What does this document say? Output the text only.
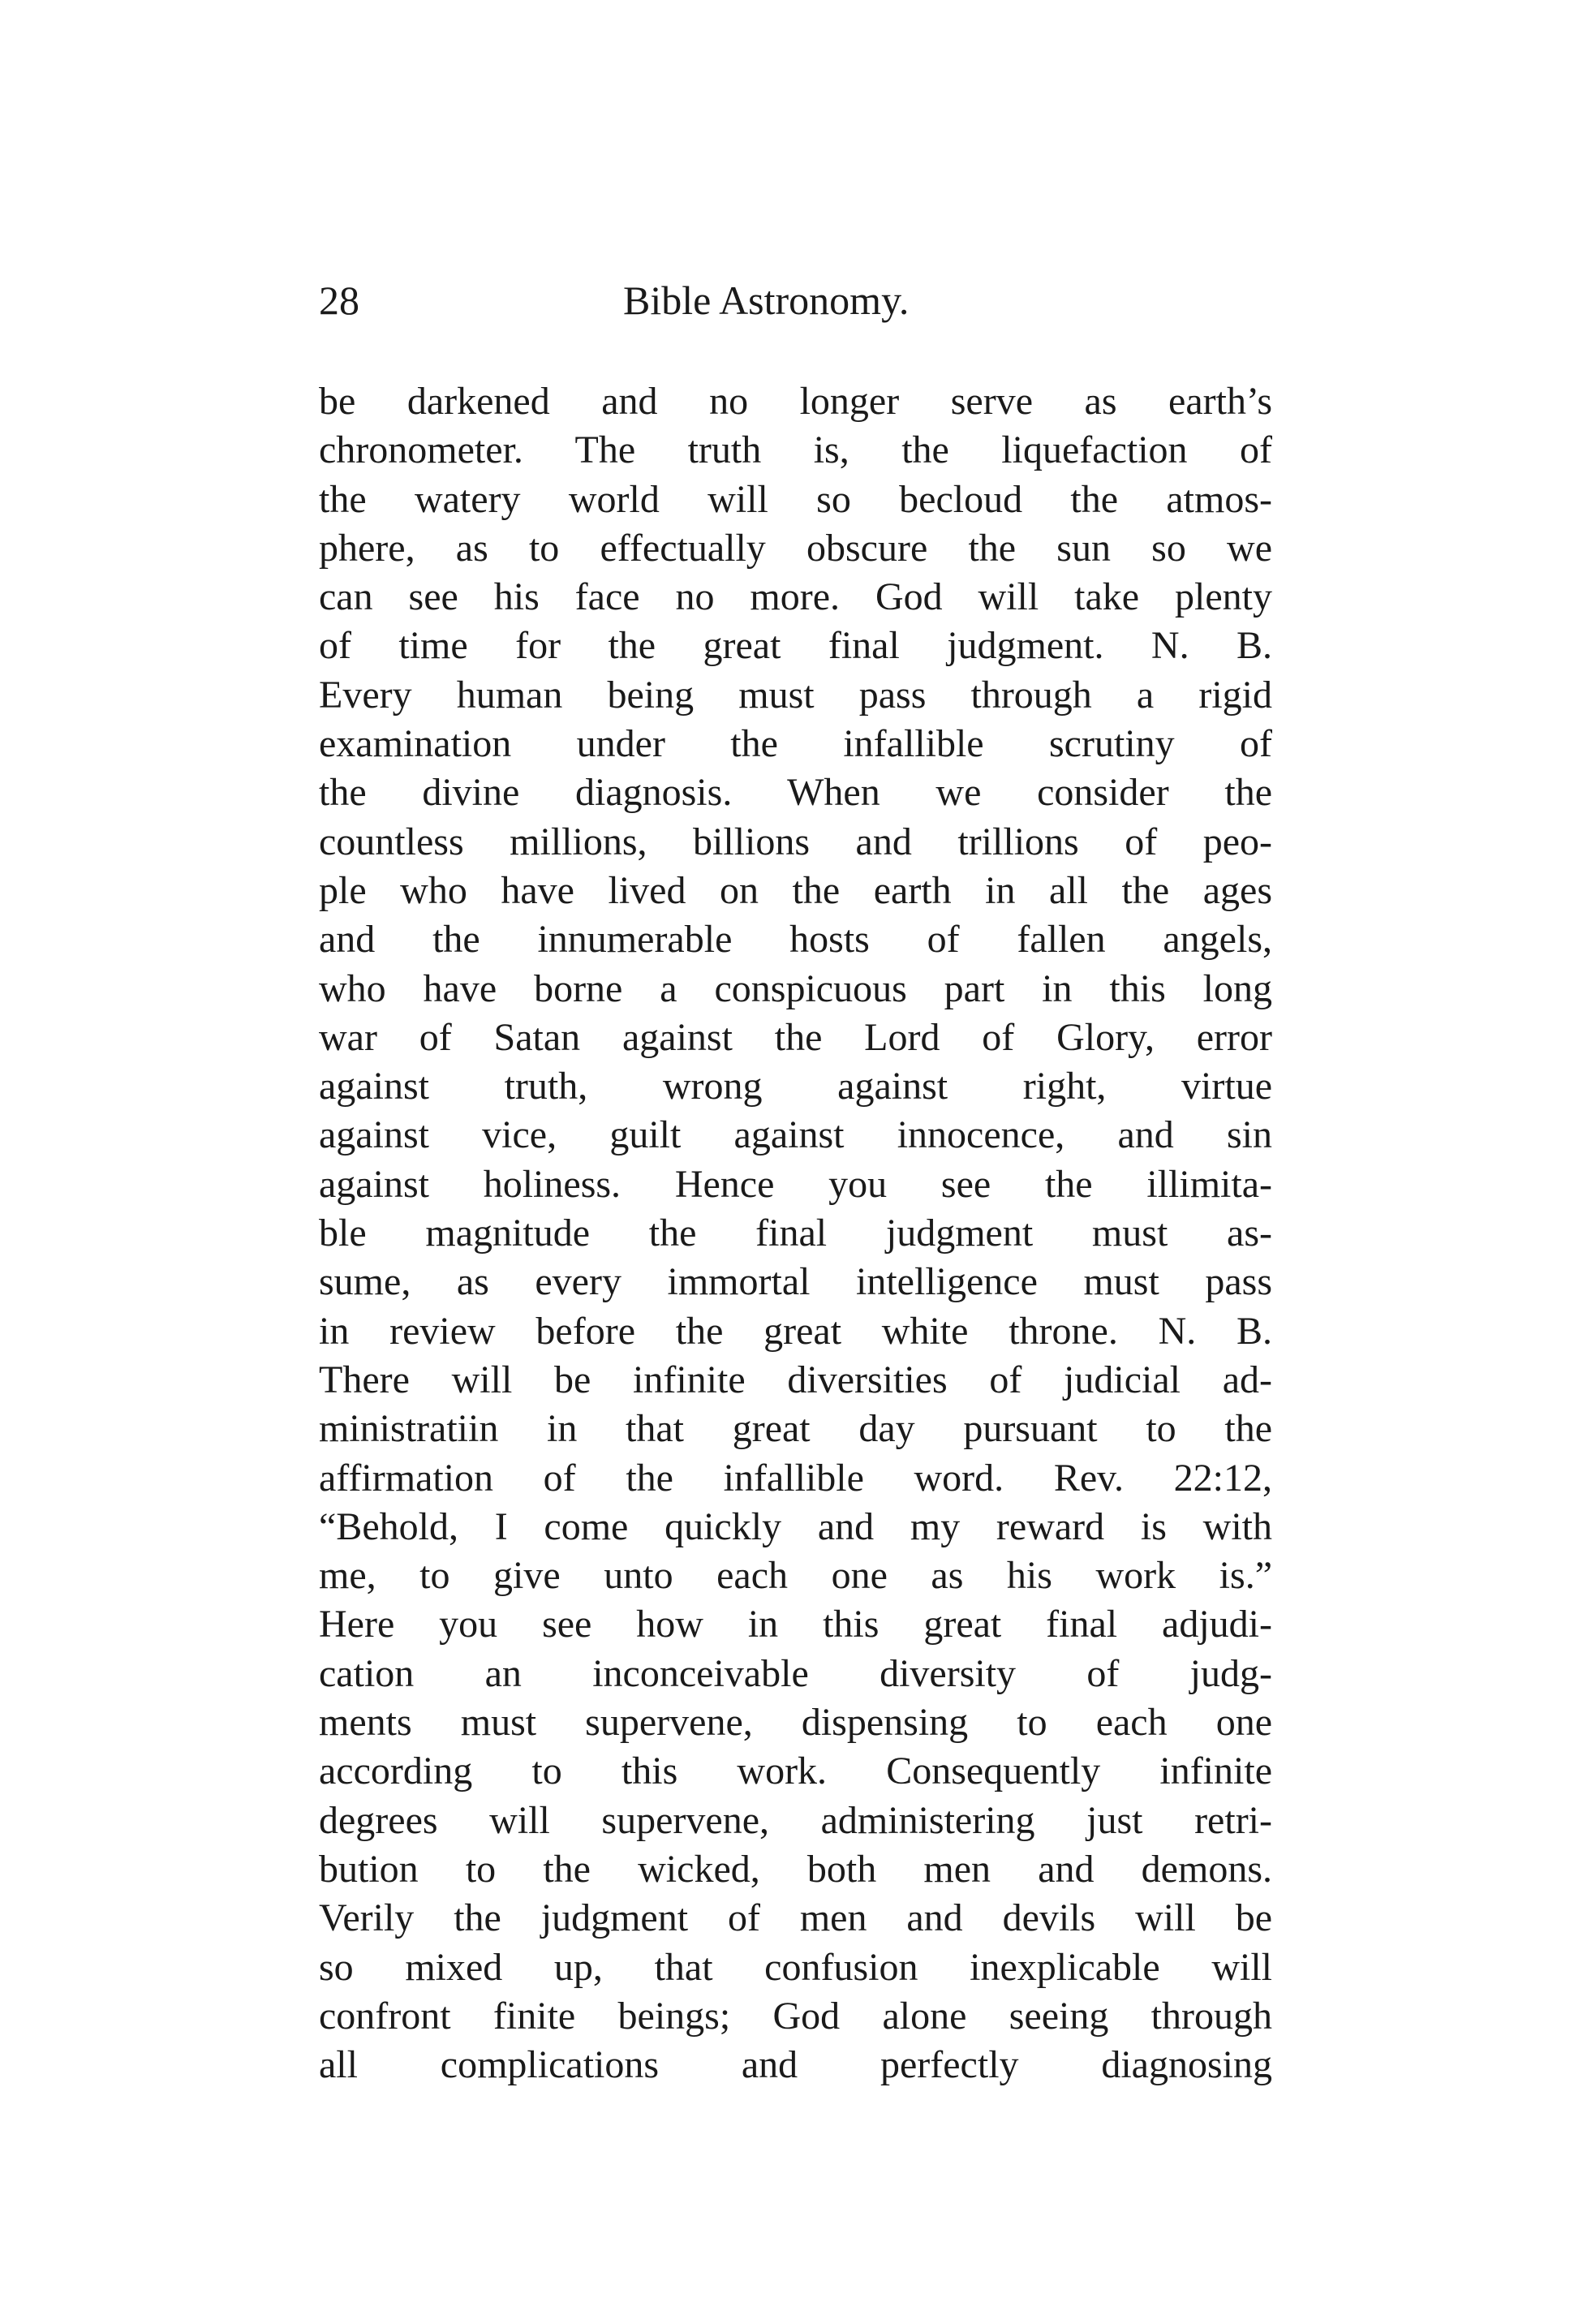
28	Bible Astronomy.
be darkened and no longer serve as earth’s
chronometer. The truth is, the liquefaction of
the watery world will so becloud the atmos-
phere, as to effectually obscure the sun so we
can see his face no more. God will take plenty
of time for the great final judgment. N. B.
Every human being must pass through a rigid
examination under the infallible scrutiny of
the divine diagnosis. When we consider the
countless millions, billions and trillions of peo-
ple who have lived on the earth in all the ages
and the innumerable hosts of fallen angels,
who have borne a conspicuous part in this long
war of Satan against the Lord of Glory, error
against truth, wrong against right, virtue
against vice, guilt against innocence, and sin
against holiness. Hence you see the illimita-
ble magnitude the final judgment must as-
sume, as every immortal intelligence must pass
in review before the great white throne. N. B.
There will be infinite diversities of judicial ad-
ministratiin in that great day pursuant to the
affirmation of the infallible word. Rev. 22:12,
“Behold, I come quickly and my reward is with
me, to give unto each one as his work is.”
Here you see how in this great final adjudi-
cation an inconceivable diversity of judg-
ments must supervene, dispensing to each one
according to this work. Consequently infinite
degrees will supervene, administering just retri-
bution to the wicked, both men and demons.
Verily the judgment of men and devils will be
so mixed up, that confusion inexplicable will
confront finite beings; God alone seeing through
all complications and perfectly diagnosing
